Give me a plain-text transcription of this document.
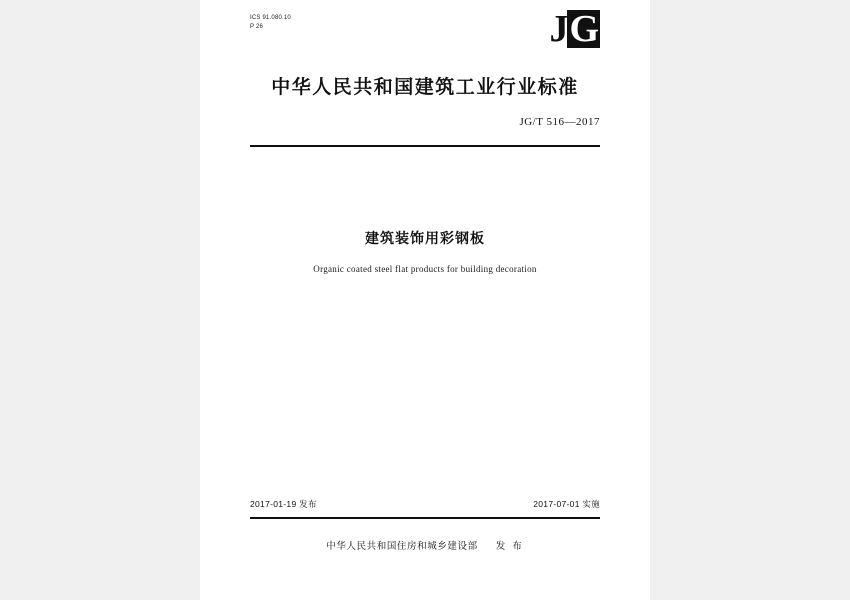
ICS 91.080.10
P 26	JG
中华人民共和国建筑工业行业标准
JG/T 516—2017
建筑装饰用彩钢板
Organic coated steel flat products for building decoration
2017-01-19 发布	2017-07-01 实施
中华人民共和国住房和城乡建设部 发 布
